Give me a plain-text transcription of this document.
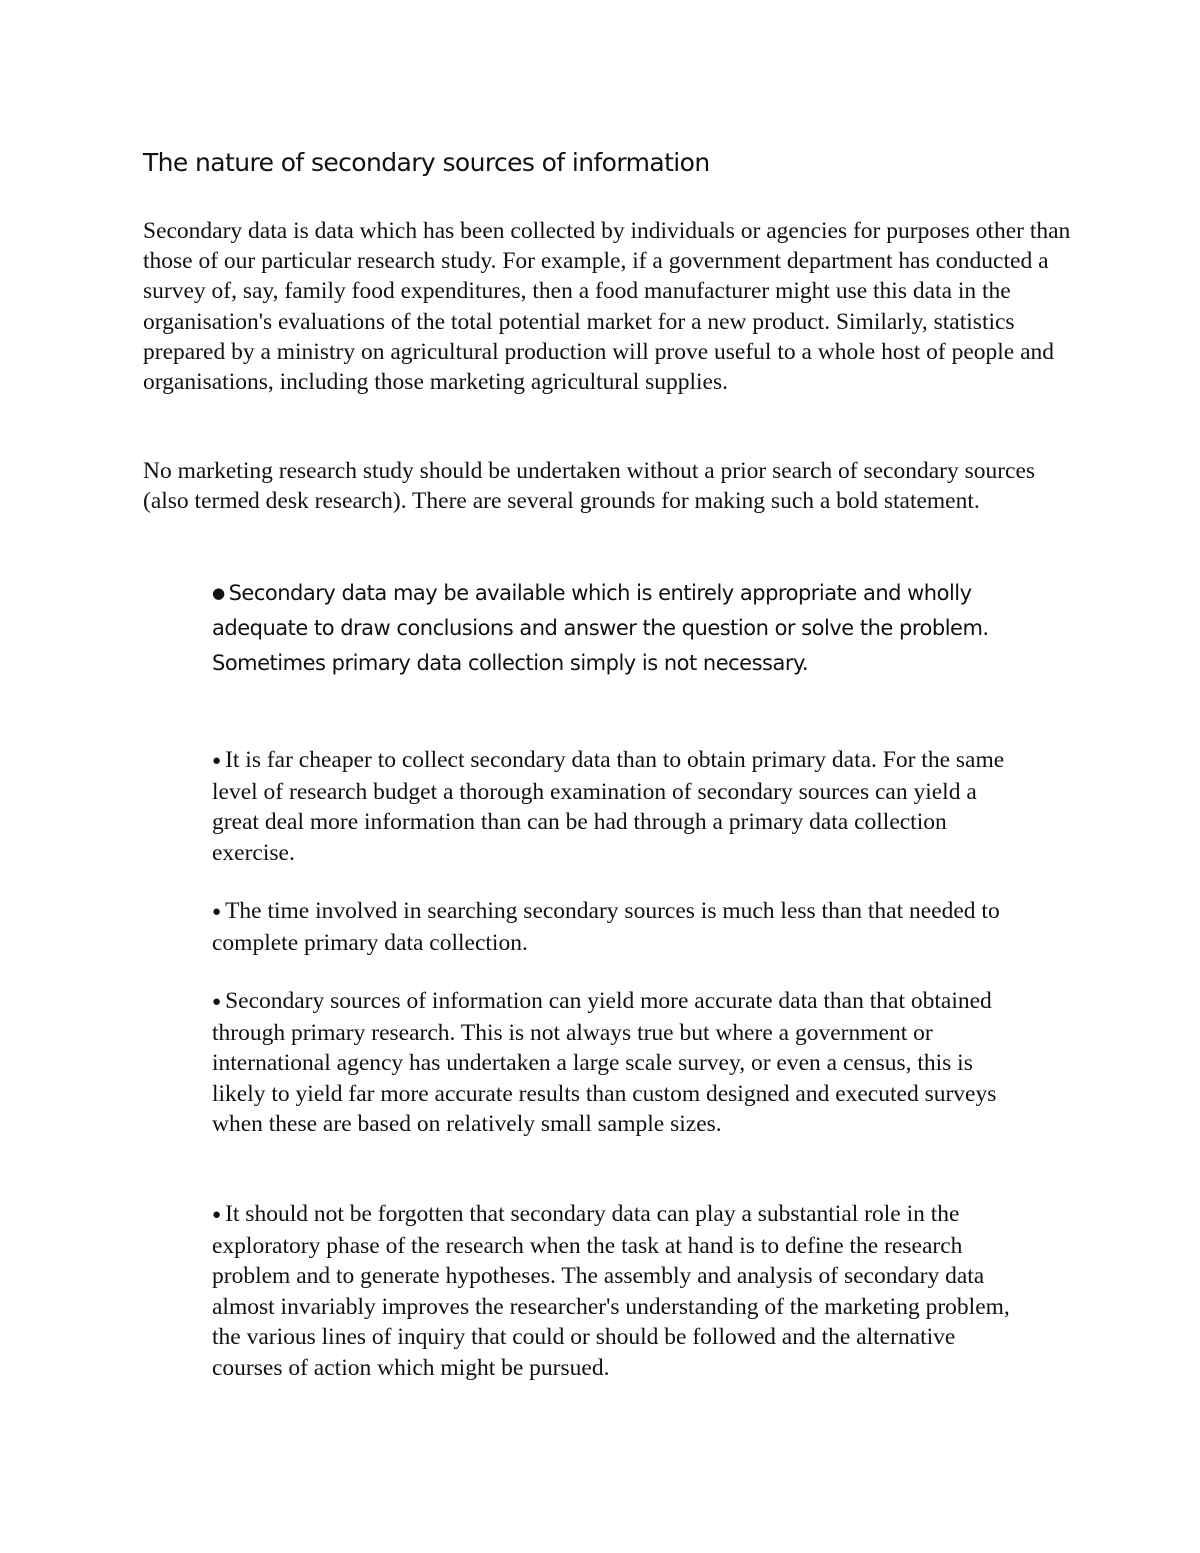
The nature of secondary sources of information

Secondary data is data which has been collected by individuals or agencies for purposes other than those of our particular research study. For example, if a government department has conducted a survey of, say, family food expenditures, then a food manufacturer might use this data in the organisation's evaluations of the total potential market for a new product. Similarly, statistics prepared by a ministry on agricultural production will prove useful to a whole host of people and organisations, including those marketing agricultural supplies.

No marketing research study should be undertaken without a prior search of secondary sources (also termed desk research). There are several grounds for making such a bold statement.

● Secondary data may be available which is entirely appropriate and wholly adequate to draw conclusions and answer the question or solve the problem. Sometimes primary data collection simply is not necessary.

● It is far cheaper to collect secondary data than to obtain primary data. For the same level of research budget a thorough examination of secondary sources can yield a great deal more information than can be had through a primary data collection exercise.

● The time involved in searching secondary sources is much less than that needed to complete primary data collection.

● Secondary sources of information can yield more accurate data than that obtained through primary research. This is not always true but where a government or international agency has undertaken a large scale survey, or even a census, this is likely to yield far more accurate results than custom designed and executed surveys when these are based on relatively small sample sizes.

● It should not be forgotten that secondary data can play a substantial role in the exploratory phase of the research when the task at hand is to define the research problem and to generate hypotheses. The assembly and analysis of secondary data almost invariably improves the researcher's understanding of the marketing problem, the various lines of inquiry that could or should be followed and the alternative courses of action which might be pursued.
